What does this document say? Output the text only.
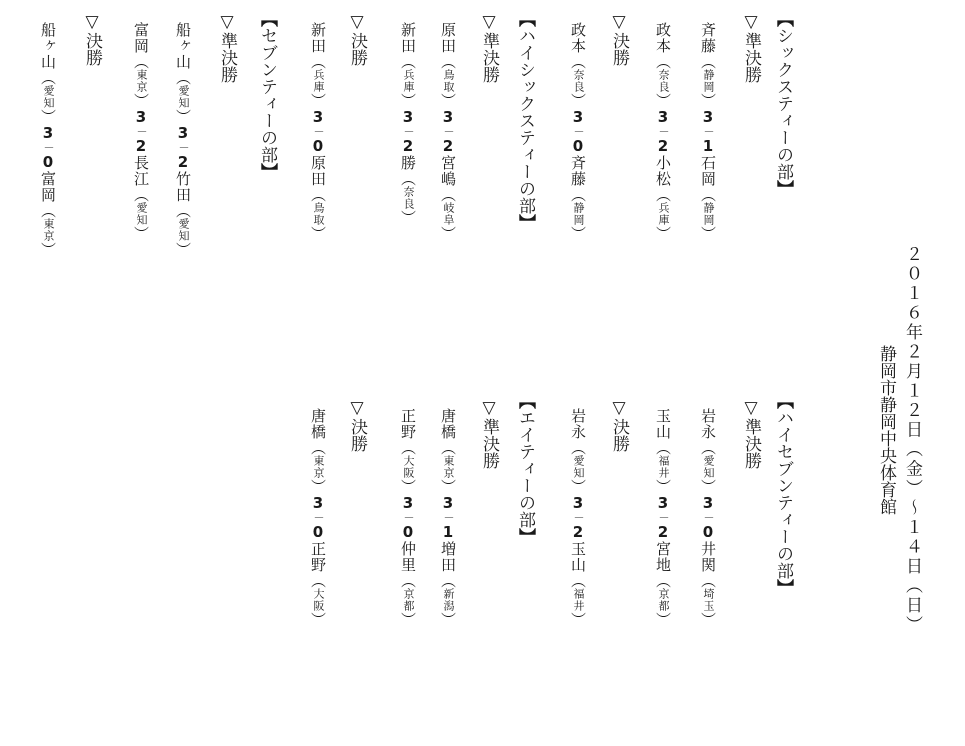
２０１６年２月１２日（金）～１４日（日）
静岡市静岡中央体育館
【シックスティーの部】
▽準決勝
斉藤（静岡）3－1石岡（静岡）
政本（奈良）3－2小松（兵庫）
▽決勝
政本（奈良）3－0斉藤（静岡）
【ハイシックスティーの部】
▽準決勝
原田（鳥取）3－2宮嶋（岐阜）
新田（兵庫）3－2勝（奈良）
▽決勝
新田（兵庫）3－0原田（鳥取）
【セブンティーの部】
▽準決勝
船ヶ山（愛知）3－2竹田（愛知）
富岡（東京）3－2長江（愛知）
▽決勝
船ヶ山（愛知）3－0富岡（東京）
【ハイセブンティーの部】
▽準決勝
岩永（愛知）3－0井関（埼玉）
玉山（福井）3－2宮地（京都）
▽決勝
岩永（愛知）3－2玉山（福井）
【エイティーの部】
▽準決勝
唐橋（東京）3－1増田（新潟）
正野（大阪）3－0仲里（京都）
▽決勝
唐橋（東京）3－0正野（大阪）
